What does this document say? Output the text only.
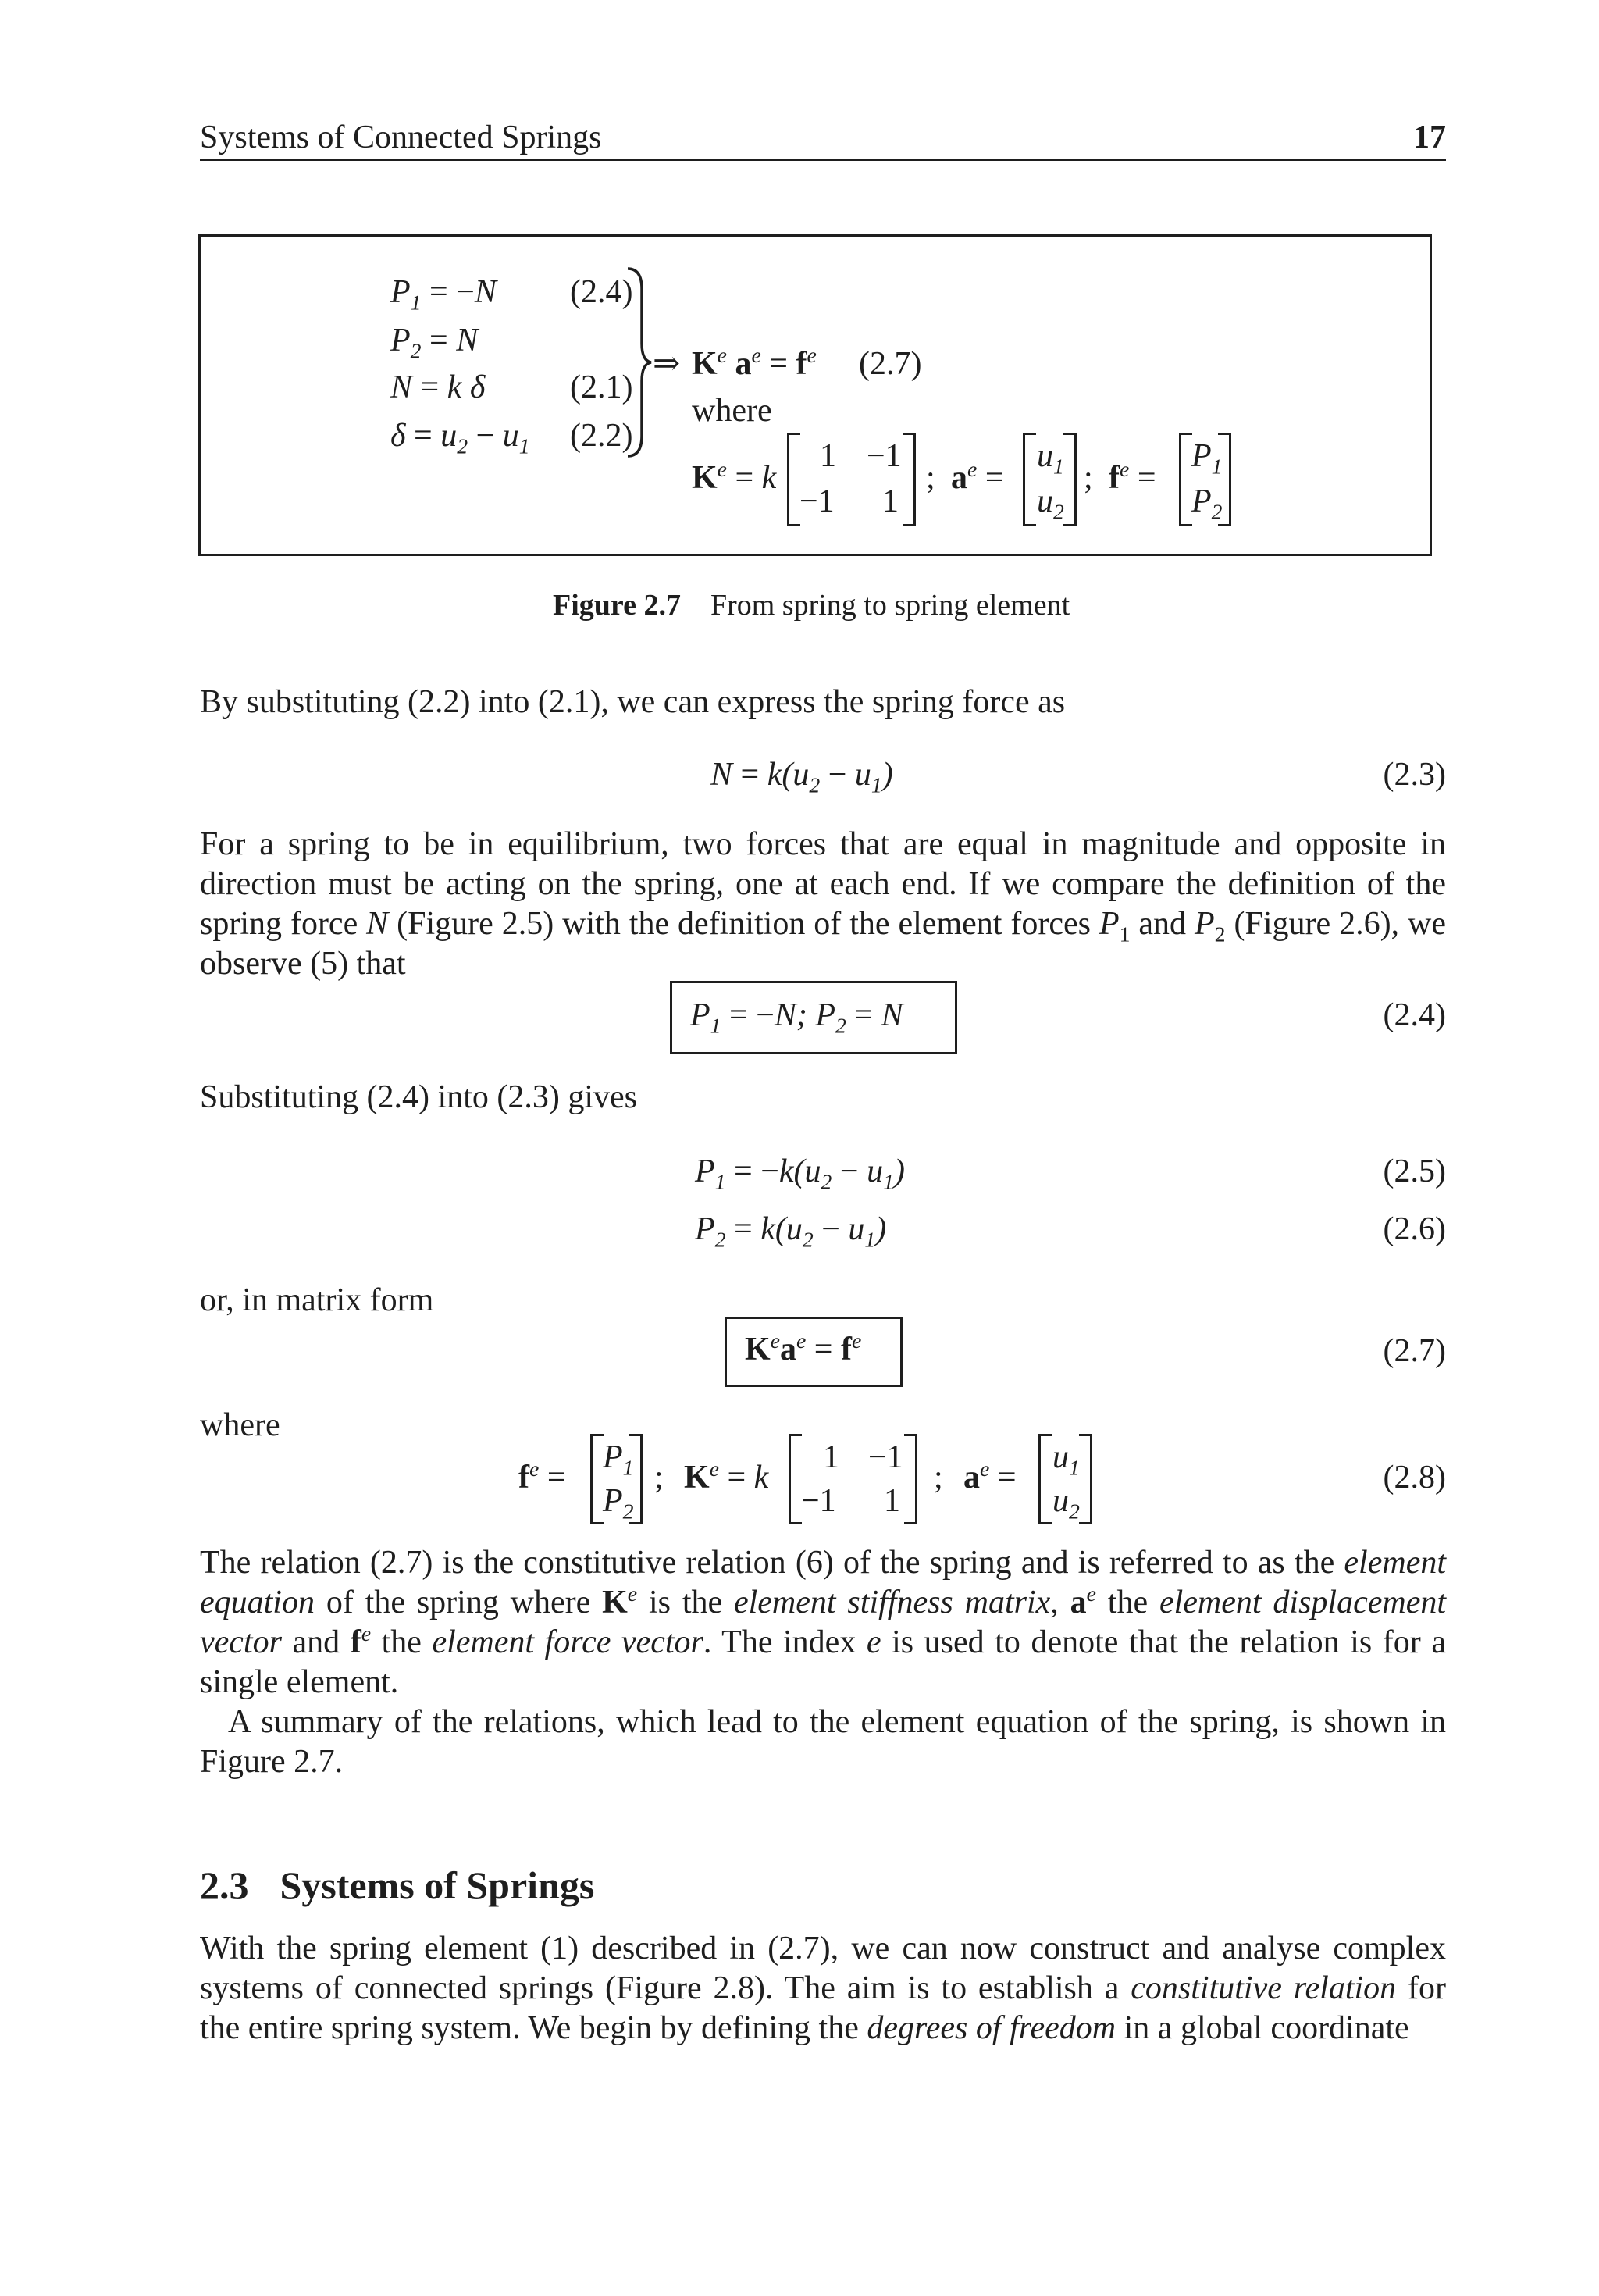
Systems of Connected Springs	17
$P_1 = -N$ (2.4)
$P_2 = N$
N = k δ	(2.1)
$\delta = u_2 - u_1$ (2.2)
⇒ $K^e$ $a^e = f^e$ (2.7)
where
$K^e = k$
1 −1
−1 1
; $a^e$ =
$u_1$
$u_2$
; $f^e$ =
$P_1$
$P_2$
Figure 2.7 From spring to spring element
By substituting (2.2) into (2.1), we can express the spring force as
$N = k(u_2 - u_1)$	(2.3)
For a spring to be in equilibrium, two forces that are equal in magnitude and opposite in direction must be acting on the spring, one at each end. If we compare the definition of the spring force N (Figure 2.5) with the definition of the element forces $P_1$ and $P_2$ (Figure 2.6), we observe (5) that
$P_1 = -N$; $P_2 = N$	(2.4)
Substituting (2.4) into (2.3) gives
$P_1 = -k(u_2 - u_1)$	(2.5)
$P_2 = k(u_2 - u_1)$	(2.6)
or, in matrix form
$K^ea^e = f^e$	(2.7)
where
$f^e$ =
$P_1$
$P_2$
; $K^e = k$
1 −1
−1 1
; $a^e$ =
$u_1$
$u_2$
(2.8)

The relation (2.7) is the constitutive relation (6) of the spring and is referred to as the element equation of the spring where $K^e$ is the element stiffness matrix, $a^e$ the element displacement vector and $f^e$ the element force vector. The index e is used to denote that the relation is for a single element.

A summary of the relations, which lead to the element equation of the spring, is shown in Figure 2.7.

2.3 Systems of Springs
With the spring element (1) described in (2.7), we can now construct and analyse complex systems of connected springs (Figure 2.8). The aim is to establish a constitutive relation for the entire spring system. We begin by defining the degrees of freedom in a global coordinate
